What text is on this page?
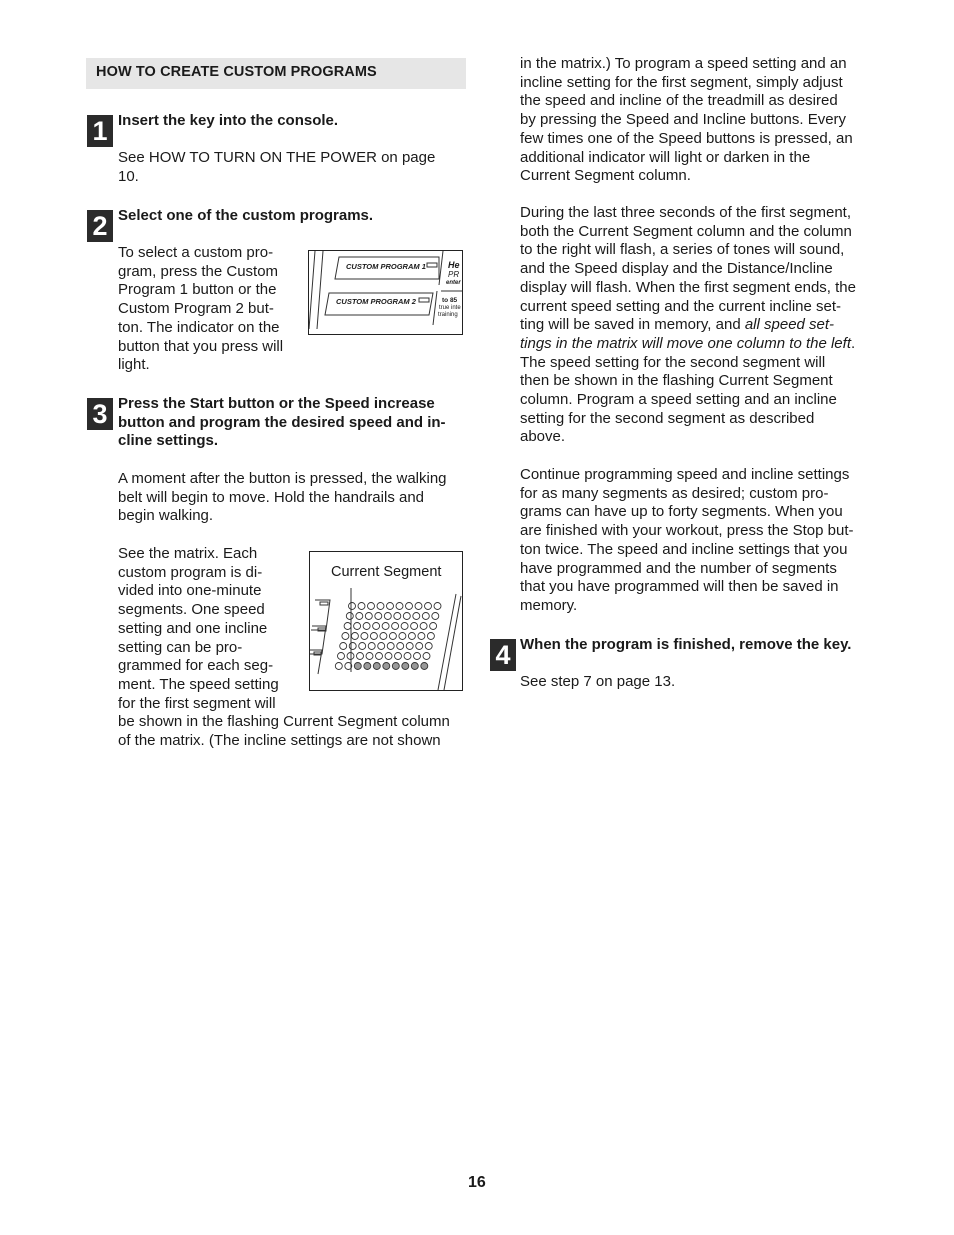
HOW TO CREATE CUSTOM PROGRAMS
1 Insert the key into the console.
See HOW TO TURN ON THE POWER on page
10.
2 Select one of the custom programs.
To select a custom pro-
gram, press the Custom
Program 1 button or the
Custom Program 2 but-
ton. The indicator on the
button that you press will
light.
CUSTOM PROGRAM 1
CUSTOM PROGRAM 2
He
PR
enter
to 85
true inte
training
3 Press the Start button or the Speed increase
button and program the desired speed and in-
cline settings.
A moment after the button is pressed, the walking
belt will begin to move. Hold the handrails and
begin walking.
See the matrix. Each
custom program is di-
vided into one-minute
segments. One speed
setting and one incline
setting can be pro-
grammed for each seg-
ment. The speed setting
for the first segment will
be shown in the flashing Current Segment column
of the matrix. (The incline settings are not shown
Current Segment
4 When the program is finished, remove the key.
See step 7 on page 13.
in the matrix.) To program a speed setting and an
incline setting for the first segment, simply adjust
the speed and incline of the treadmill as desired
by pressing the Speed and Incline buttons. Every
few times one of the Speed buttons is pressed, an
additional indicator will light or darken in the
Current Segment column.
During the last three seconds of the first segment,
both the Current Segment column and the column
to the right will flash, a series of tones will sound,
and the Speed display and the Distance/Incline
display will flash. When the first segment ends, the
current speed setting and the current incline set-
ting will be saved in memory, and all speed set-
tings in the matrix will move one column to the left.
The speed setting for the second segment will
then be shown in the flashing Current Segment
column. Program a speed setting and an incline
setting for the second segment as described
above.
Continue programming speed and incline settings
for as many segments as desired; custom pro-
grams can have up to forty segments. When you
are finished with your workout, press the Stop but-
ton twice. The speed and incline settings that you
have programmed and the number of segments
that you have programmed will then be saved in
memory.
16
